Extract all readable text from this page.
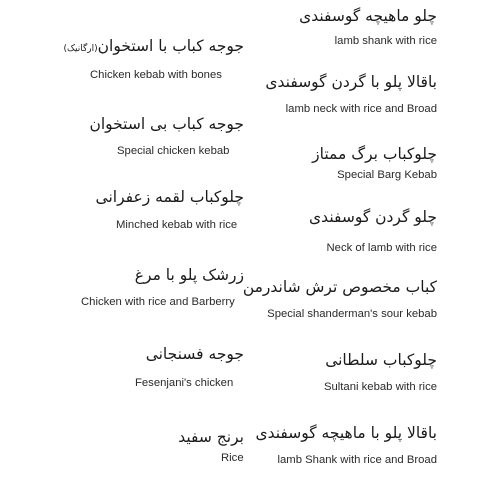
چلو ماهیچه گوسفندی
lamb shank with rice
باقالا پلو با گردن گوسفندی
lamb neck with rice and Broad
چلوکباب برگ ممتاز
Special Barg Kebab
چلو گردن گوسفندی
Neck of lamb with rice
کباب مخصوص ترش شاندرمن
Special shanderman's sour kebab
چلوکباب سلطانی
Sultani kebab with rice
باقالا پلو با ماهیچه گوسفندی
lamb Shank with rice and Broad
جوجه کباب با استخوان(ارگانیک)
Chicken kebab with bones
جوجه کباب بی استخوان
Special chicken kebab
چلوکباب لقمه زعفرانی
Minched kebab with rice
زرشک پلو با مرغ
Chicken with rice and Barberry
جوجه فسنجانی
Fesenjani's chicken
برنج سفید
Rice
